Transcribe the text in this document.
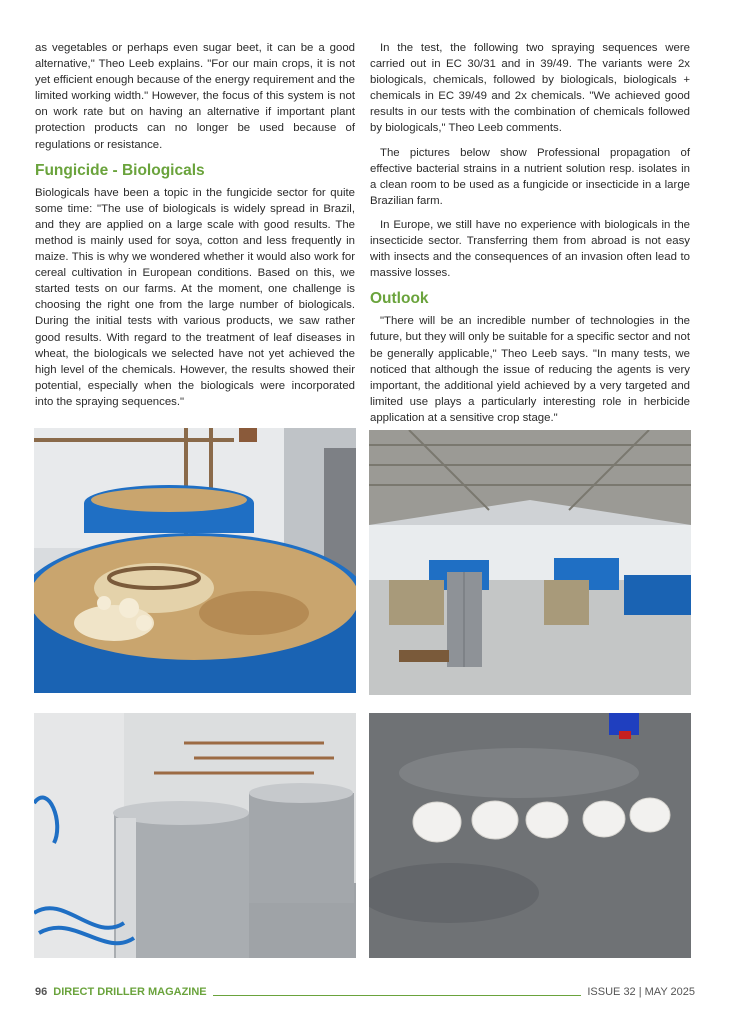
as vegetables or perhaps even sugar beet, it can be a good alternative," Theo Leeb explains. "For our main crops, it is not yet efficient enough because of the energy requirement and the limited working width." However, the focus of this system is not on work rate but on having an alternative if important plant protection products can no longer be used because of regulations or resistance.

Fungicide - Biologicals

Biologicals have been a topic in the fungicide sector for quite some time: "The use of biologicals is widely spread in Brazil, and they are applied on a large scale with good results. The method is mainly used for soya, cotton and less frequently in maize. This is why we wondered whether it would also work for cereal cultivation in European conditions. Based on this, we started tests on our farms. At the moment, one challenge is choosing the right one from the large number of biologicals. During the initial tests with various products, we saw rather good results. With regard to the treatment of leaf diseases in wheat, the biologicals we selected have not yet achieved the high level of the chemicals. However, the results showed their potential, especially when the biologicals were incorporated into the spraying sequences."

In the test, the following two spraying sequences were carried out in EC 30/31 and in 39/49. The variants were 2x biologicals, chemicals, followed by biologicals, biologicals + chemicals in EC 39/49 and 2x chemicals. "We achieved good results in our tests with the combination of chemicals followed by biologicals," Theo Leeb comments.

The pictures below show Professional propagation of effective bacterial strains in a nutrient solution resp. isolates in a clean room to be used as a fungicide or insecticide in a large Brazilian farm.

In Europe, we still have no experience with biologicals in the insecticide sector. Transferring them from abroad is not easy with insects and the consequences of an invasion often lead to massive losses.

Outlook

"There will be an incredible number of technologies in the future, but they will only be suitable for a specific sector and not be generally applicable," Theo Leeb says. "In many tests, we noticed that although the issue of reducing the agents is very important, the additional yield achieved by a very targeted and limited use plays a particularly interesting role in herbicide application at a sensitive crop stage."

96 DIRECT DRILLER MAGAZINE	ISSUE 32 | MAY 2025
